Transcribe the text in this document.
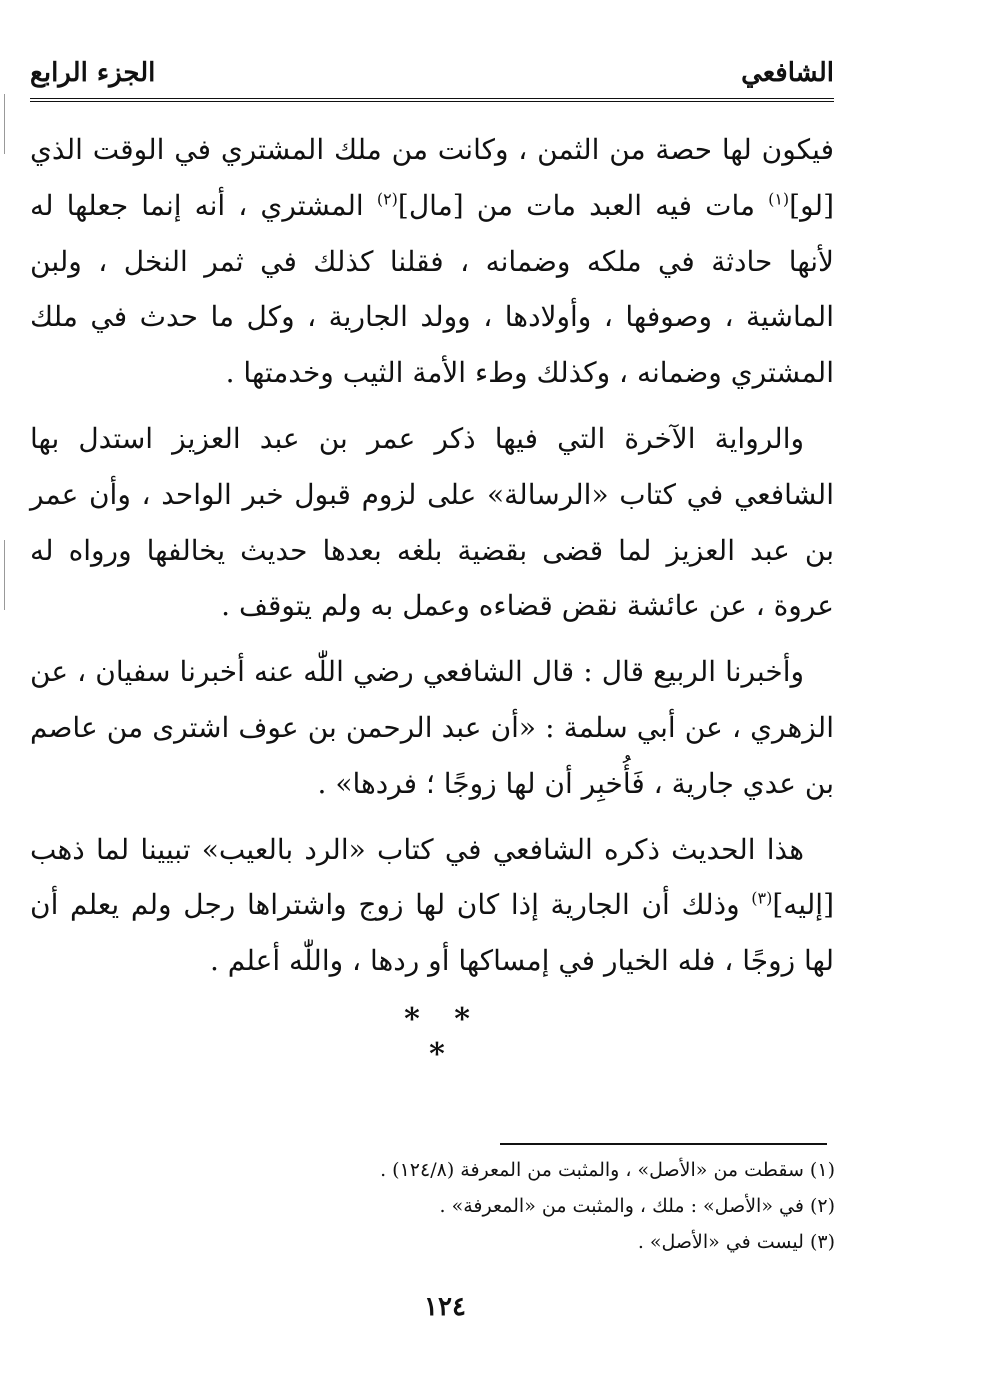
الشافعي
الجزء الرابع

فيكون لها حصة من الثمن ، وكانت من ملك المشتري في الوقت الذي [لو]$^{(١)}$ مات فيه العبد مات من [مال]$^{(٢)}$ المشتري ، أنه إنما جعلها له لأنها حادثة في ملكه وضمانه ، فقلنا كذلك في ثمر النخل ، ولبن الماشية ، وصوفها ، وأولادها ، وولد الجارية ، وكل ما حدث في ملك المشتري وضمانه ، وكذلك وطء الأمة الثيب وخدمتها .

والرواية الآخرة التي فيها ذكر عمر بن عبد العزيز استدل بها الشافعي في كتاب «الرسالة» على لزوم قبول خبر الواحد ، وأن عمر بن عبد العزيز لما قضى بقضية بلغه بعدها حديث يخالفها ورواه له عروة ، عن عائشة نقض قضاءه وعمل به ولم يتوقف .

وأخبرنا الربيع قال : قال الشافعي رضي اللّٰه عنه أخبرنا سفيان ، عن الزهري ، عن أبي سلمة : «أن عبد الرحمن بن عوف اشترى من عاصم بن عدي جارية ، فَأُخبِر أن لها زوجًا ؛ فردها» .

هذا الحديث ذكره الشافعي في كتاب «الرد بالعيب» تبيينا لما ذهب [إليه]$^{(٣)}$ وذلك أن الجارية إذا كان لها زوج واشتراها رجل ولم يعلم أن لها زوجًا ، فله الخيار في إمساكها أو ردها ، واللّٰه أعلم .

* * *
(١) سقطت من «الأصل» ، والمثبت من المعرفة (١٢٤/٨) .
(٢) في «الأصل» : ملك ، والمثبت من «المعرفة» .
(٣) ليست في «الأصل» .
١٢٤
